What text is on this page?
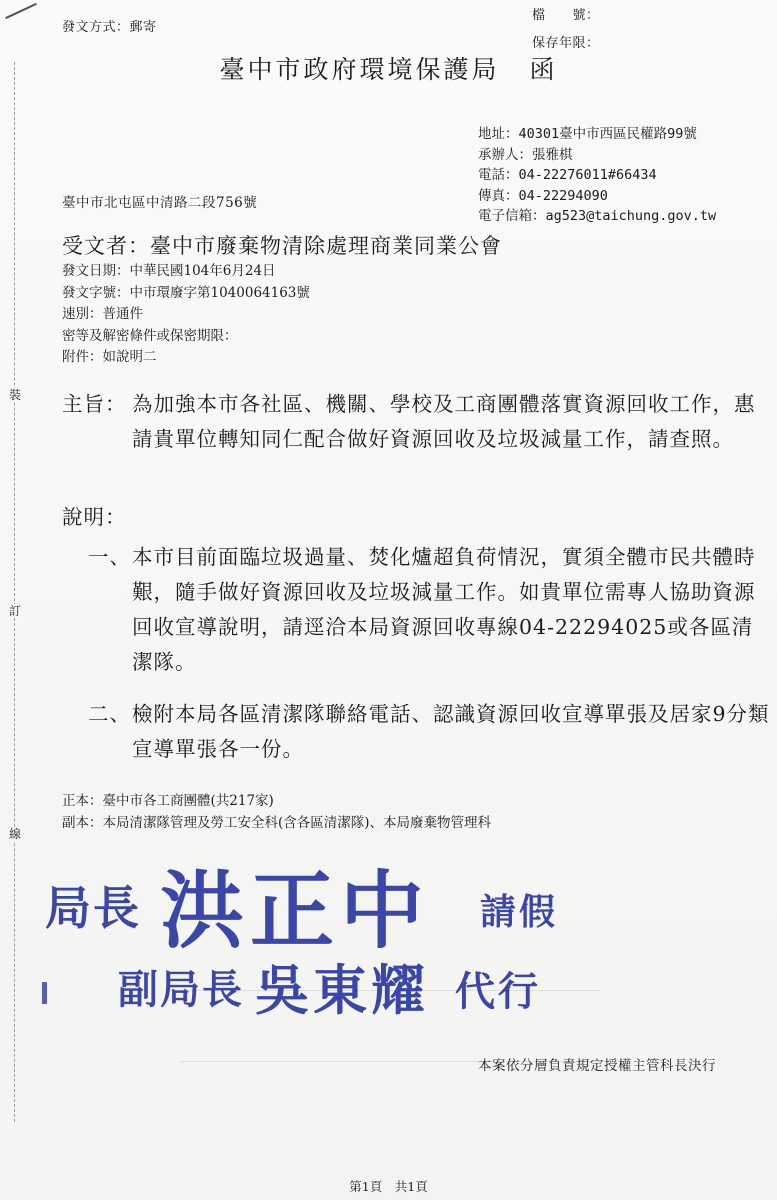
裝
訂
線
發文方式：郵寄
檔　　號：
保存年限：
臺中市政府環境保護局 函
地址：40301臺中市西區民權路99號
承辦人：張雅棋
電話：04-22276011#66434
傳真：04-22294090
電子信箱：ag523@taichung.gov.tw
臺中市北屯區中清路二段756號
受文者：臺中市廢棄物清除處理商業同業公會
發文日期：中華民國104年6月24日
發文字號：中市環廢字第1040064163號
速別：普通件
密等及解密條件或保密期限：
附件：如說明二
主旨： 為加強本市各社區、機關、學校及工商團體落實資源回收工作，惠請貴單位轉知同仁配合做好資源回收及垃圾減量工作，請查照。
說明：
一、 本市目前面臨垃圾過量、焚化爐超負荷情況，實須全體市民共體時艱，隨手做好資源回收及垃圾減量工作。如貴單位需專人協助資源回收宣導說明，請逕洽本局資源回收專線04-22294025或各區清潔隊。
二、 檢附本局各區清潔隊聯絡電話、認識資源回收宣導單張及居家9分類宣導單張各一份。
正本：臺中市各工商團體(共217家)
副本：本局清潔隊管理及勞工安全科(含各區清潔隊)、本局廢棄物管理科
局長 洪正中 請假
副局長 吳東耀 代行
本案依分層負責規定授權主管科長決行
第1頁　共1頁
